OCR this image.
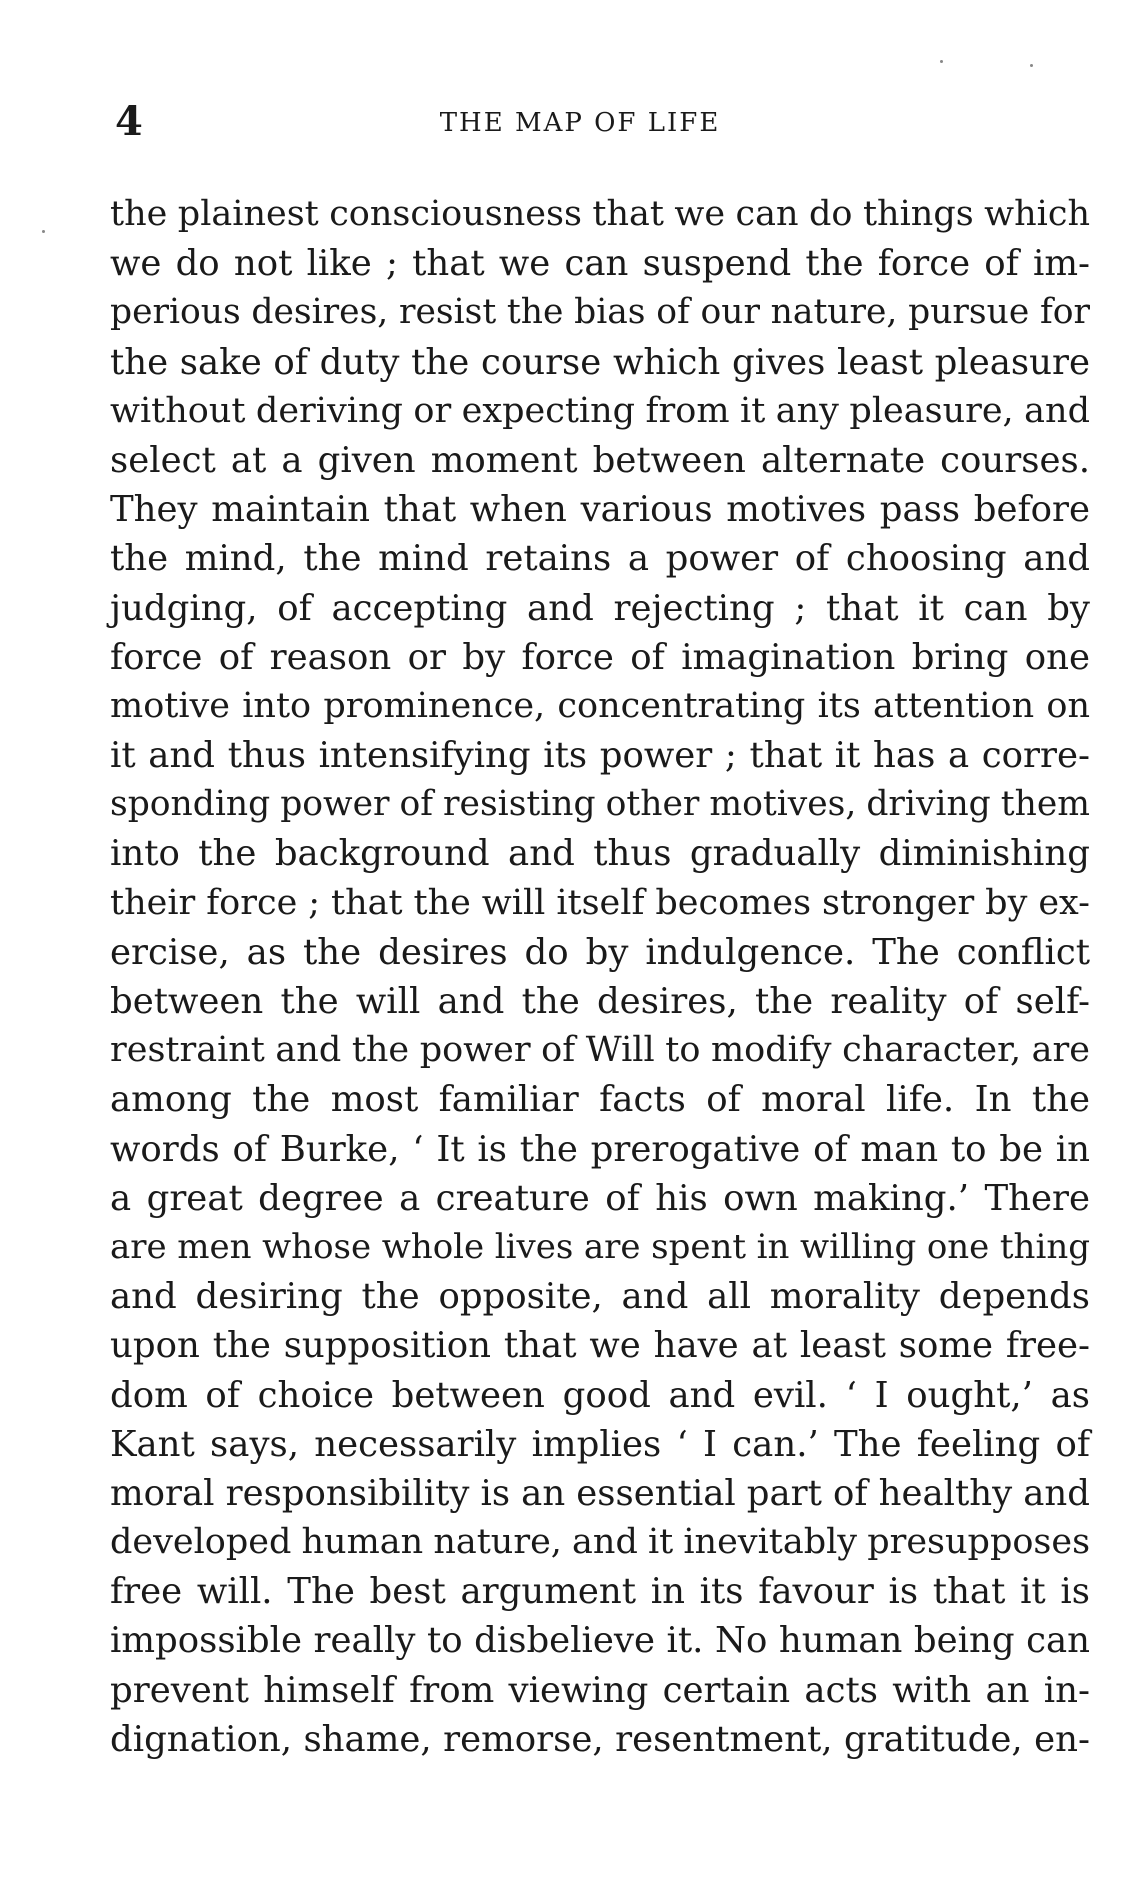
4	THE MAP OF LIFE
the plainest consciousness that we can do things which
we do not like ; that we can suspend the force of im-
perious desires, resist the bias of our nature, pursue for
the sake of duty the course which gives least pleasure
without deriving or expecting from it any pleasure, and
select at a given moment between alternate courses.
They maintain that when various motives pass before
the mind, the mind retains a power of choosing and
judging, of accepting and rejecting ; that it can by
force of reason or by force of imagination bring one
motive into prominence, concentrating its attention on
it and thus intensifying its power ; that it has a corre-
sponding power of resisting other motives, driving them
into the background and thus gradually diminishing
their force ; that the will itself becomes stronger by ex-
ercise, as the desires do by indulgence. The conflict
between the will and the desires, the reality of self-
restraint and the power of Will to modify character, are
among the most familiar facts of moral life. In the
words of Burke, ‘ It is the prerogative of man to be in
a great degree a creature of his own making.’ There
are men whose whole lives are spent in willing one thing
and desiring the opposite, and all morality depends
upon the supposition that we have at least some free-
dom of choice between good and evil. ‘ I ought,’ as
Kant says, necessarily implies ‘ I can.’ The feeling of
moral responsibility is an essential part of healthy and
developed human nature, and it inevitably presupposes
free will. The best argument in its favour is that it is
impossible really to disbelieve it. No human being can
prevent himself from viewing certain acts with an in-
dignation, shame, remorse, resentment, gratitude, en-
